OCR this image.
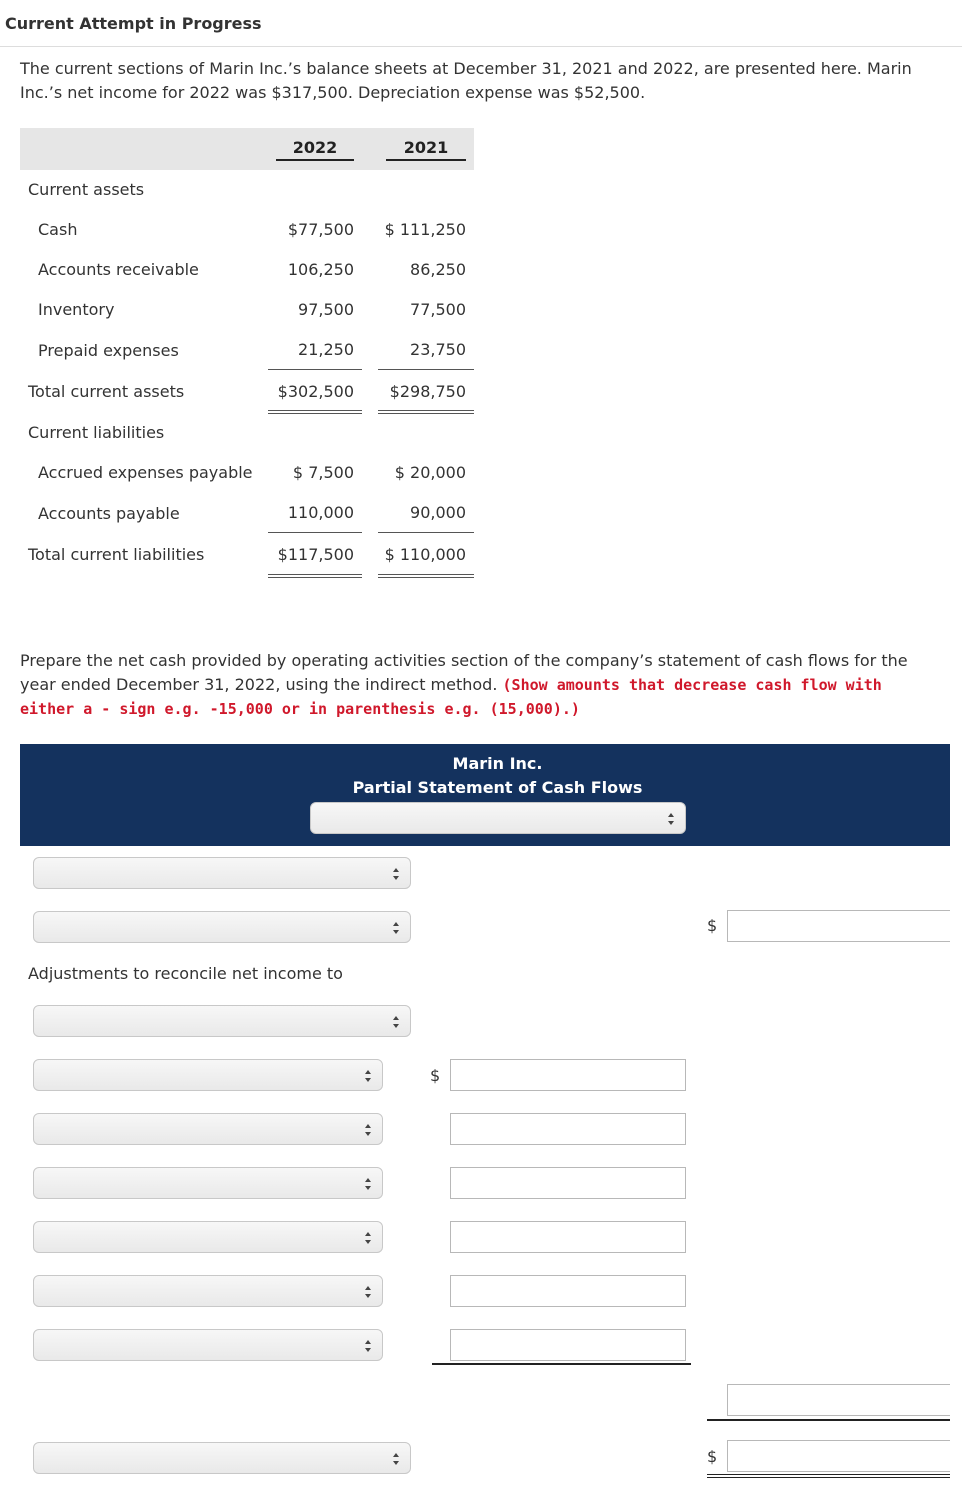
Current Attempt in Progress
The current sections of Marin Inc.’s balance sheets at December 31, 2021 and 2022, are presented here. Marin Inc.’s net income for 2022 was $317,500. Depreciation expense was $52,500.
2022	2021
Current assets
Cash	$77,500	$ 111,250
Accounts receivable	106,250	86,250
Inventory	97,500	77,500
Prepaid expenses	21,250	23,750
Total current assets	$302,500	$298,750
Current liabilities
Accrued expenses payable	$ 7,500	$ 20,000
Accounts payable	110,000	90,000
Total current liabilities	$117,500	$ 110,000
Prepare the net cash provided by operating activities section of the company’s statement of cash flows for the year ended December 31, 2022, using the indirect method. (Show amounts that decrease cash flow with either a - sign e.g. -15,000 or in parenthesis e.g. (15,000).)
Marin Inc.
Partial Statement of Cash Flows
$
Adjustments to reconcile net income to
$
$
